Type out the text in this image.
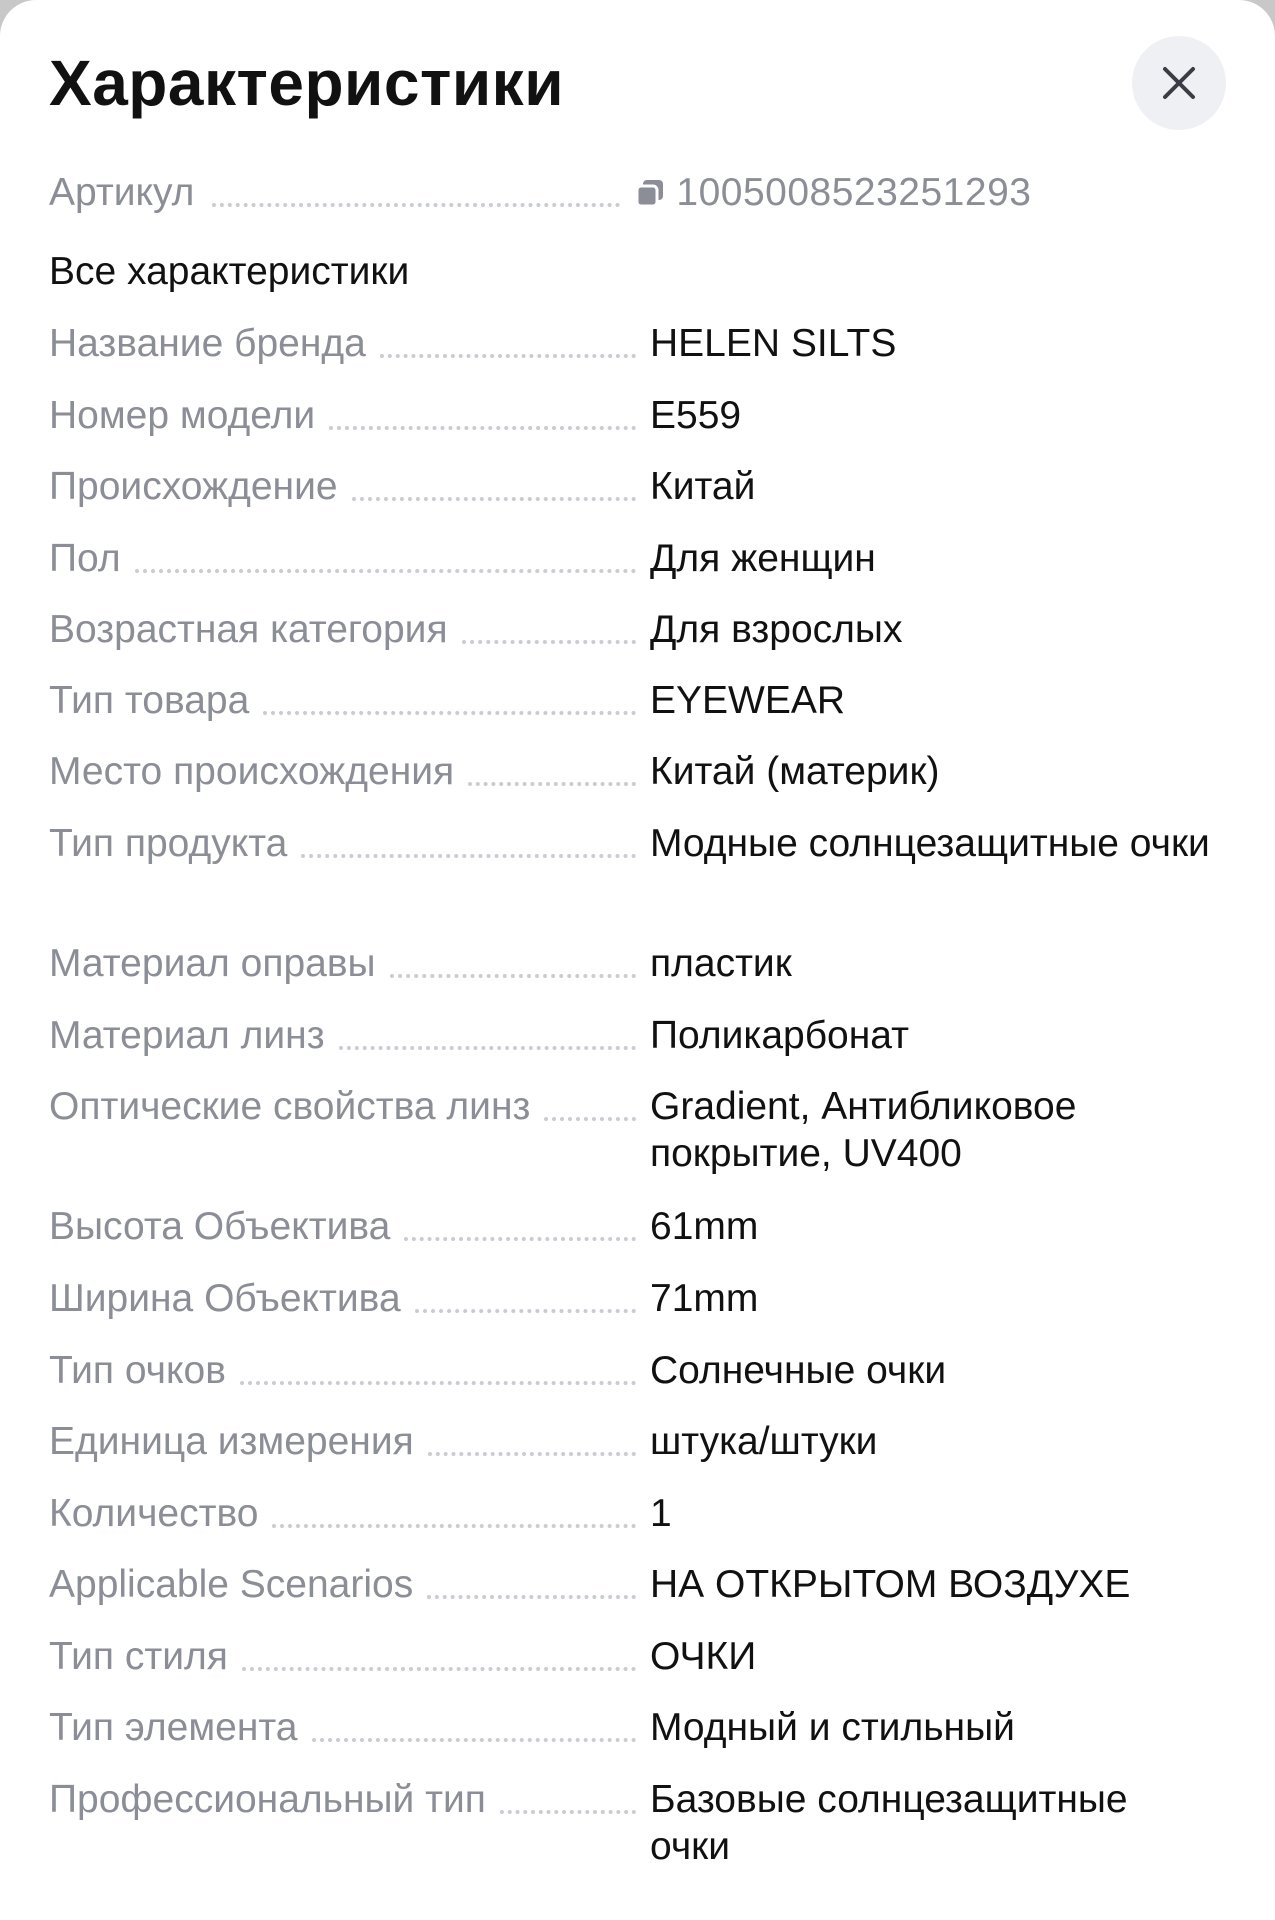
Характеристики
Артикул	1005008523251293
Все характеристики
Название бренда	HELEN SILTS
Номер модели	E559
Происхождение	Китай
Пол	Для женщин
Возрастная категория	Для взрослых
Тип товара	EYEWEAR
Место происхождения	Китай (материк)
Тип продукта	Модные солнцезащитные очки
Материал оправы	пластик
Материал линз	Поликарбонат
Оптические свойства линз	Gradient, Антибликовое покрытие, UV400
Высота Объектива	61mm
Ширина Объектива	71mm
Тип очков	Солнечные очки
Единица измерения	штука/штуки
Количество	1
Applicable Scenarios	НА ОТКРЫТОМ ВОЗДУХЕ
Тип стиля	ОЧКИ
Тип элемента	Модный и стильный
Профессиональный тип	Базовые солнцезащитные очки
